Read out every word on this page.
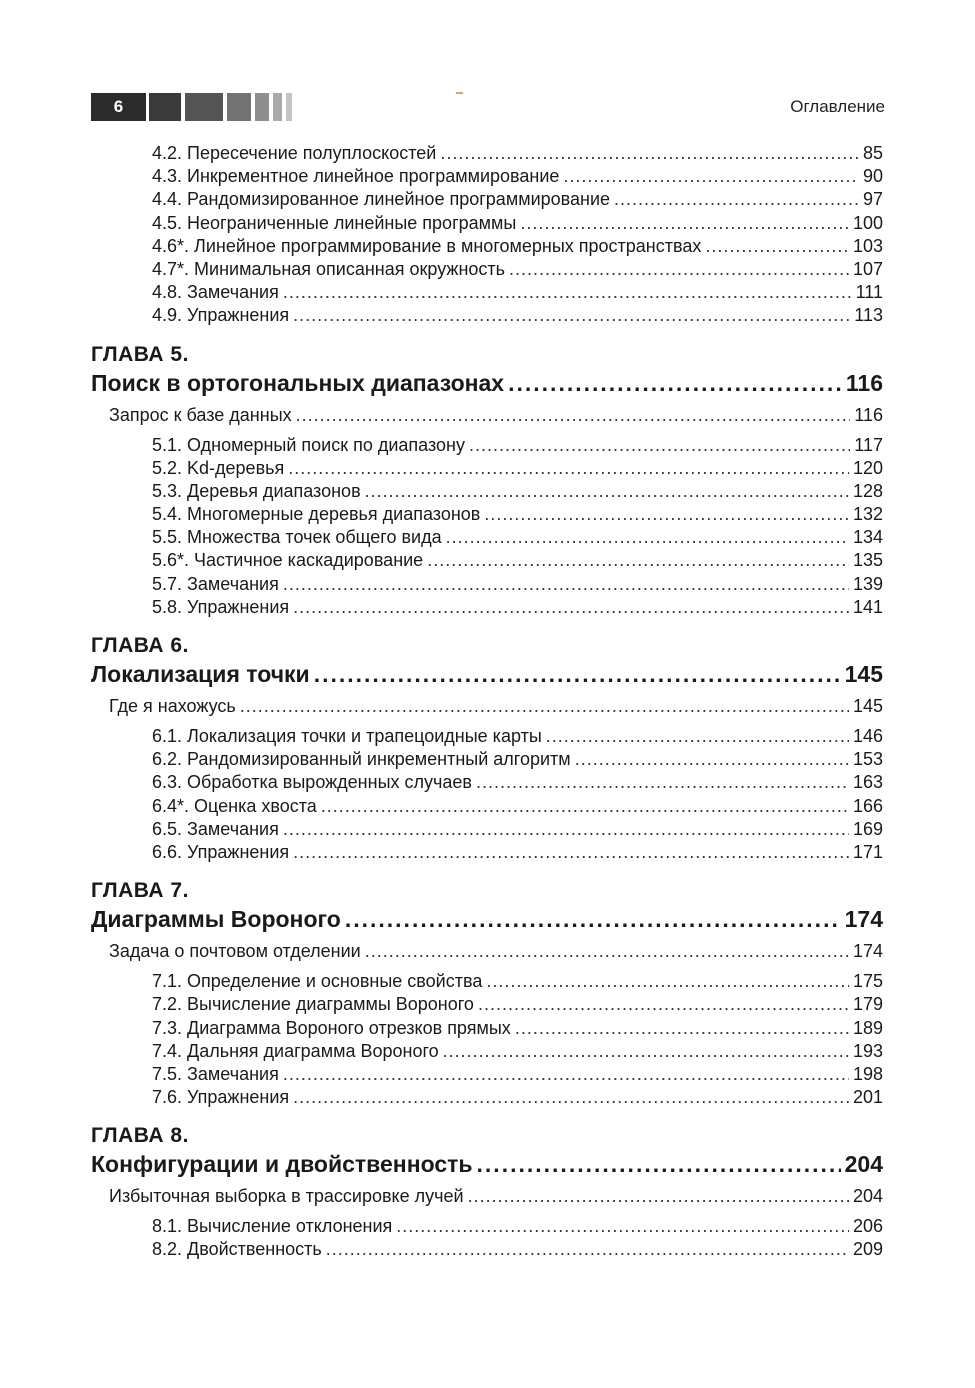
6	Оглавление
4.2. Пересечение полуплоскостей .....	85
4.3. Инкрементное линейное программирование .....	90
4.4. Рандомизированное линейное программирование .....	97
4.5. Неограниченные линейные программы .....	100
4.6*. Линейное программирование в многомерных пространствах .....	103
4.7*. Минимальная описанная окружность .....	107
4.8. Замечания .....	111
4.9. Упражнения .....	113
ГЛАВА 5.
Поиск в ортогональных диапазонах .....	116
Запрос к базе данных .....	116
5.1. Одномерный поиск по диапазону .....	117
5.2. Kd-деревья .....	120
5.3. Деревья диапазонов .....	128
5.4. Многомерные деревья диапазонов .....	132
5.5. Множества точек общего вида .....	134
5.6*. Частичное каскадирование .....	135
5.7. Замечания .....	139
5.8. Упражнения .....	141
ГЛАВА 6.
Локализация точки .....	145
Где я нахожусь .....	145
6.1. Локализация точки и трапецоидные карты .....	146
6.2. Рандомизированный инкрементный алгоритм .....	153
6.3. Обработка вырожденных случаев .....	163
6.4*. Оценка хвоста .....	166
6.5. Замечания .....	169
6.6. Упражнения .....	171
ГЛАВА 7.
Диаграммы Вороного .....	174
Задача о почтовом отделении .....	174
7.1. Определение и основные свойства .....	175
7.2. Вычисление диаграммы Вороного .....	179
7.3. Диаграмма Вороного отрезков прямых .....	189
7.4. Дальняя диаграмма Вороного .....	193
7.5. Замечания .....	198
7.6. Упражнения .....	201
ГЛАВА 8.
Конфигурации и двойственность .....	204
Избыточная выборка в трассировке лучей .....	204
8.1. Вычисление отклонения .....	206
8.2. Двойственность .....	209
